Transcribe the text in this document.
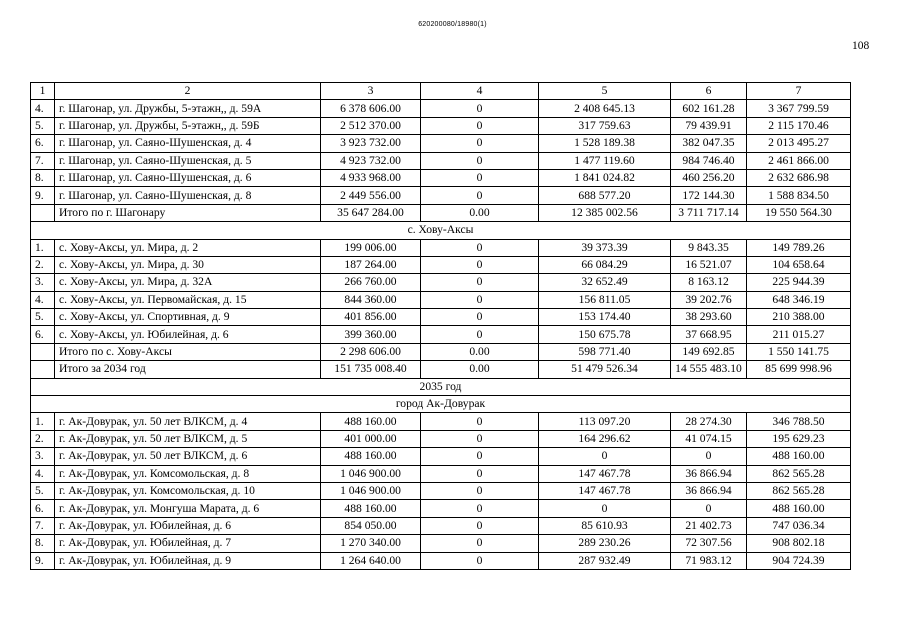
620200080/18980(1)
108
1	2	3	4	5	6	7
4.	г. Шагонар, ул. Дружбы, 5-этажн,, д. 59А	6 378 606.00	0	2 408 645.13	602 161.28	3 367 799.59
5.	г. Шагонар, ул. Дружбы, 5-этажн,, д. 59Б	2 512 370.00	0	317 759.63	79 439.91	2 115 170.46
6.	г. Шагонар, ул. Саяно-Шушенская, д. 4	3 923 732.00	0	1 528 189.38	382 047.35	2 013 495.27
7.	г. Шагонар, ул. Саяно-Шушенская, д. 5	4 923 732.00	0	1 477 119.60	984 746.40	2 461 866.00
8.	г. Шагонар, ул. Саяно-Шушенская, д. 6	4 933 968.00	0	1 841 024.82	460 256.20	2 632 686.98
9.	г. Шагонар, ул. Саяно-Шушенская, д. 8	2 449 556.00	0	688 577.20	172 144.30	1 588 834.50
	Итого по г. Шагонару	35 647 284.00	0.00	12 385 002.56	3 711 717.14	19 550 564.30
с. Хову-Аксы						
1.	с. Хову-Аксы, ул. Мира, д. 2	199 006.00	0	39 373.39	9 843.35	149 789.26
2.	с. Хову-Аксы, ул. Мира, д. 30	187 264.00	0	66 084.29	16 521.07	104 658.64
3.	с. Хову-Аксы, ул. Мира, д. 32А	266 760.00	0	32 652.49	8 163.12	225 944.39
4.	с. Хову-Аксы, ул. Первомайская, д. 15	844 360.00	0	156 811.05	39 202.76	648 346.19
5.	с. Хову-Аксы, ул. Спортивная, д. 9	401 856.00	0	153 174.40	38 293.60	210 388.00
6.	с. Хову-Аксы, ул. Юбилейная, д. 6	399 360.00	0	150 675.78	37 668.95	211 015.27
	Итого по с. Хову-Аксы	2 298 606.00	0.00	598 771.40	149 692.85	1 550 141.75
	Итого за 2034 год	151 735 008.40	0.00	51 479 526.34	14 555 483.10	85 699 998.96
2035 год						
город Ак-Довурак						
1.	г. Ак-Довурак, ул. 50 лет ВЛКСМ, д. 4	488 160.00	0	113 097.20	28 274.30	346 788.50
2.	г. Ак-Довурак, ул. 50 лет ВЛКСМ, д. 5	401 000.00	0	164 296.62	41 074.15	195 629.23
3.	г. Ак-Довурак, ул. 50 лет ВЛКСМ, д. 6	488 160.00	0	0	0	488 160.00
4.	г. Ак-Довурак, ул. Комсомольская, д. 8	1 046 900.00	0	147 467.78	36 866.94	862 565.28
5.	г. Ак-Довурак, ул. Комсомольская, д. 10	1 046 900.00	0	147 467.78	36 866.94	862 565.28
6.	г. Ак-Довурак, ул. Монгуша Марата, д. 6	488 160.00	0	0	0	488 160.00
7.	г. Ак-Довурак, ул. Юбилейная, д. 6	854 050.00	0	85 610.93	21 402.73	747 036.34
8.	г. Ак-Довурак, ул. Юбилейная, д. 7	1 270 340.00	0	289 230.26	72 307.56	908 802.18
9.	г. Ак-Довурак, ул. Юбилейная, д. 9	1 264 640.00	0	287 932.49	71 983.12	904 724.39
